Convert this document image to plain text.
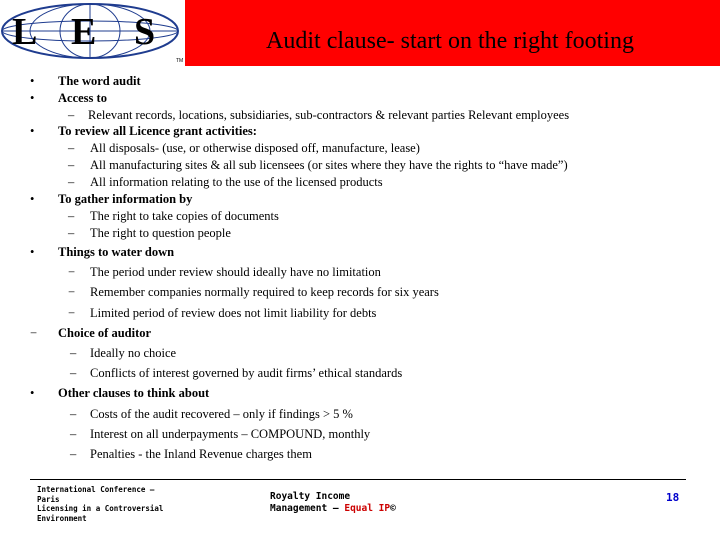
L E S
TM
Audit clause- start on the right footing
• The word audit
• Access to
– Relevant records, locations, subsidiaries, sub-contractors & relevant parties Relevant employees
• To review all Licence grant activities:
– All disposals- (use, or otherwise disposed off, manufacture, lease)
– All manufacturing sites & all sub licensees (or sites where they have the rights to “have made”)
– All information relating to the use of the licensed products
• To gather information by
– The right to take copies of documents
– The right to question people
• Things to water down
− The period under review should ideally have no limitation
− Remember companies normally required to keep records for six years
− Limited period of review does not limit liability for debts
− Choice of auditor
– Ideally no choice
– Conflicts of interest governed by audit firms’ ethical standards
• Other clauses to think about
– Costs of the audit recovered – only if findings > 5 %
– Interest on all underpayments – COMPOUND, monthly
– Penalties - the Inland Revenue charges them
International Conference –
Paris
Licensing in a Controversial
Environment
Royalty Income
Management – Equal IP©
18
